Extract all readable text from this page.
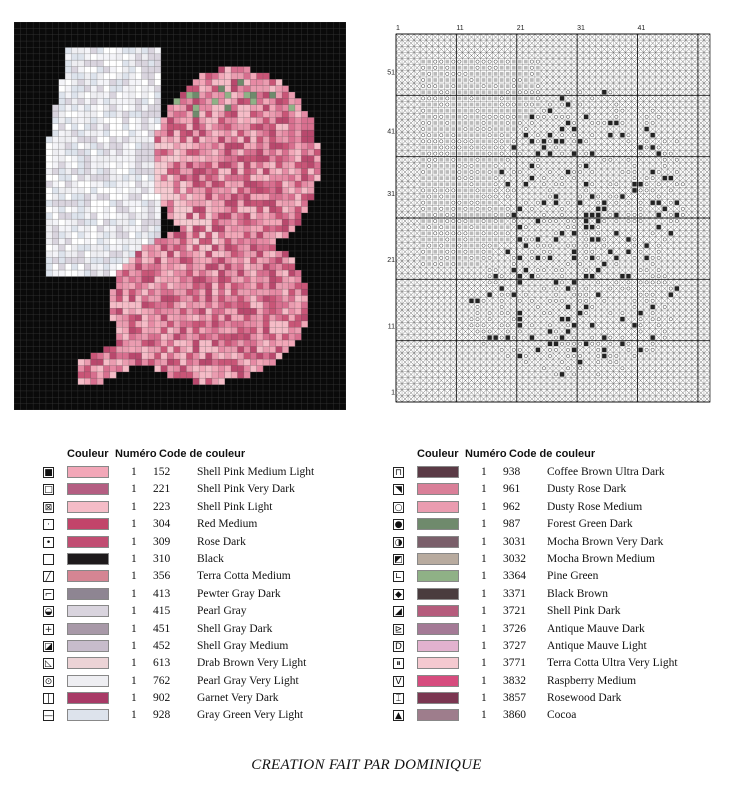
1	11	21	31	41
51
41
31
21
11
1
Couleur Numéro Code de couleur
■	1 152 Shell Pink Medium Light
□	1 221 Shell Pink Very Dark
⊠	1 223 Shell Pink Light
·	1 304 Red Medium
•	1 309 Rose Dark
1 310 Black
╱	1 356 Terra Cotta Medium
⌐	1 413 Pewter Gray Dark
◒	1 415 Pearl Gray
+	1 451 Shell Gray Dark
◪	1 452 Shell Gray Medium
◺	1 613 Drab Brown Very Light
⊙	1 762 Pearl Gray Very Light
|	1 902 Garnet Very Dark
—	1 928 Gray Green Very Light
Couleur Numéro Code de couleur
⊓	1 938 Coffee Brown Ultra Dark
◥	1 961 Dusty Rose Dark
○	1 962 Dusty Rose Medium
●	1 987 Forest Green Dark
◑	1 3031 Mocha Brown Very Dark
◩	1 3032 Mocha Brown Medium
∟	1 3364 Pine Green
◆	1 3371 Black Brown
◢	1 3721 Shell Pink Dark
⊵	1 3726 Antique Mauve Dark
D	1 3727 Antique Mauve Light
⏸	1 3771 Terra Cotta Ultra Very Light
V	1 3832 Raspberry Medium
⌶	1 3857 Rosewood Dark
▲	1 3860 Cocoa
CREATION FAIT PAR DOMINIQUE
